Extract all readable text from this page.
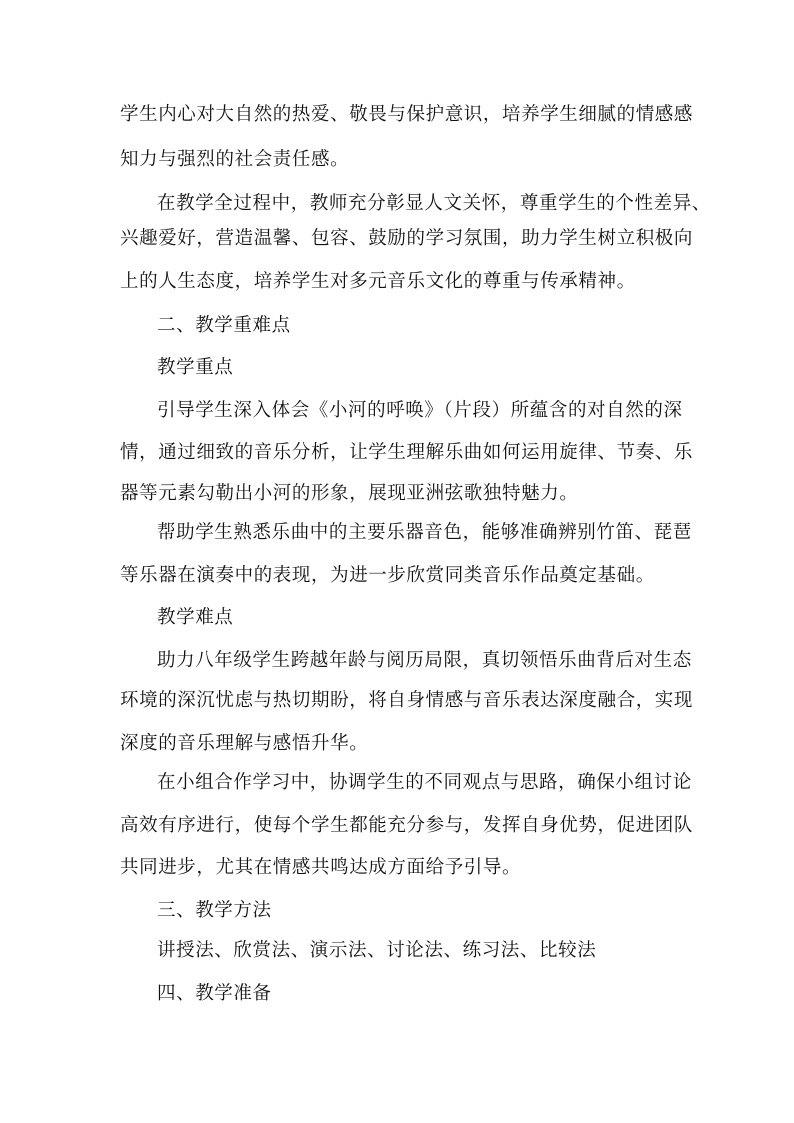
学生内心对大自然的热爱、敬畏与保护意识，培养学生细腻的情感感
知力与强烈的社会责任感。
在教学全过程中，教师充分彰显人文关怀，尊重学生的个性差异、
兴趣爱好，营造温馨、包容、鼓励的学习氛围，助力学生树立积极向
上的人生态度，培养学生对多元音乐文化的尊重与传承精神。
二、教学重难点
教学重点
引导学生深入体会《小河的呼唤》（片段）所蕴含的对自然的深
情，通过细致的音乐分析，让学生理解乐曲如何运用旋律、节奏、乐
器等元素勾勒出小河的形象，展现亚洲弦歌独特魅力。
帮助学生熟悉乐曲中的主要乐器音色，能够准确辨别竹笛、琵琶
等乐器在演奏中的表现，为进一步欣赏同类音乐作品奠定基础。
教学难点
助力八年级学生跨越年龄与阅历局限，真切领悟乐曲背后对生态
环境的深沉忧虑与热切期盼，将自身情感与音乐表达深度融合，实现
深度的音乐理解与感悟升华。
在小组合作学习中，协调学生的不同观点与思路，确保小组讨论
高效有序进行，使每个学生都能充分参与，发挥自身优势，促进团队
共同进步，尤其在情感共鸣达成方面给予引导。
三、教学方法
讲授法、欣赏法、演示法、讨论法、练习法、比较法
四、教学准备
